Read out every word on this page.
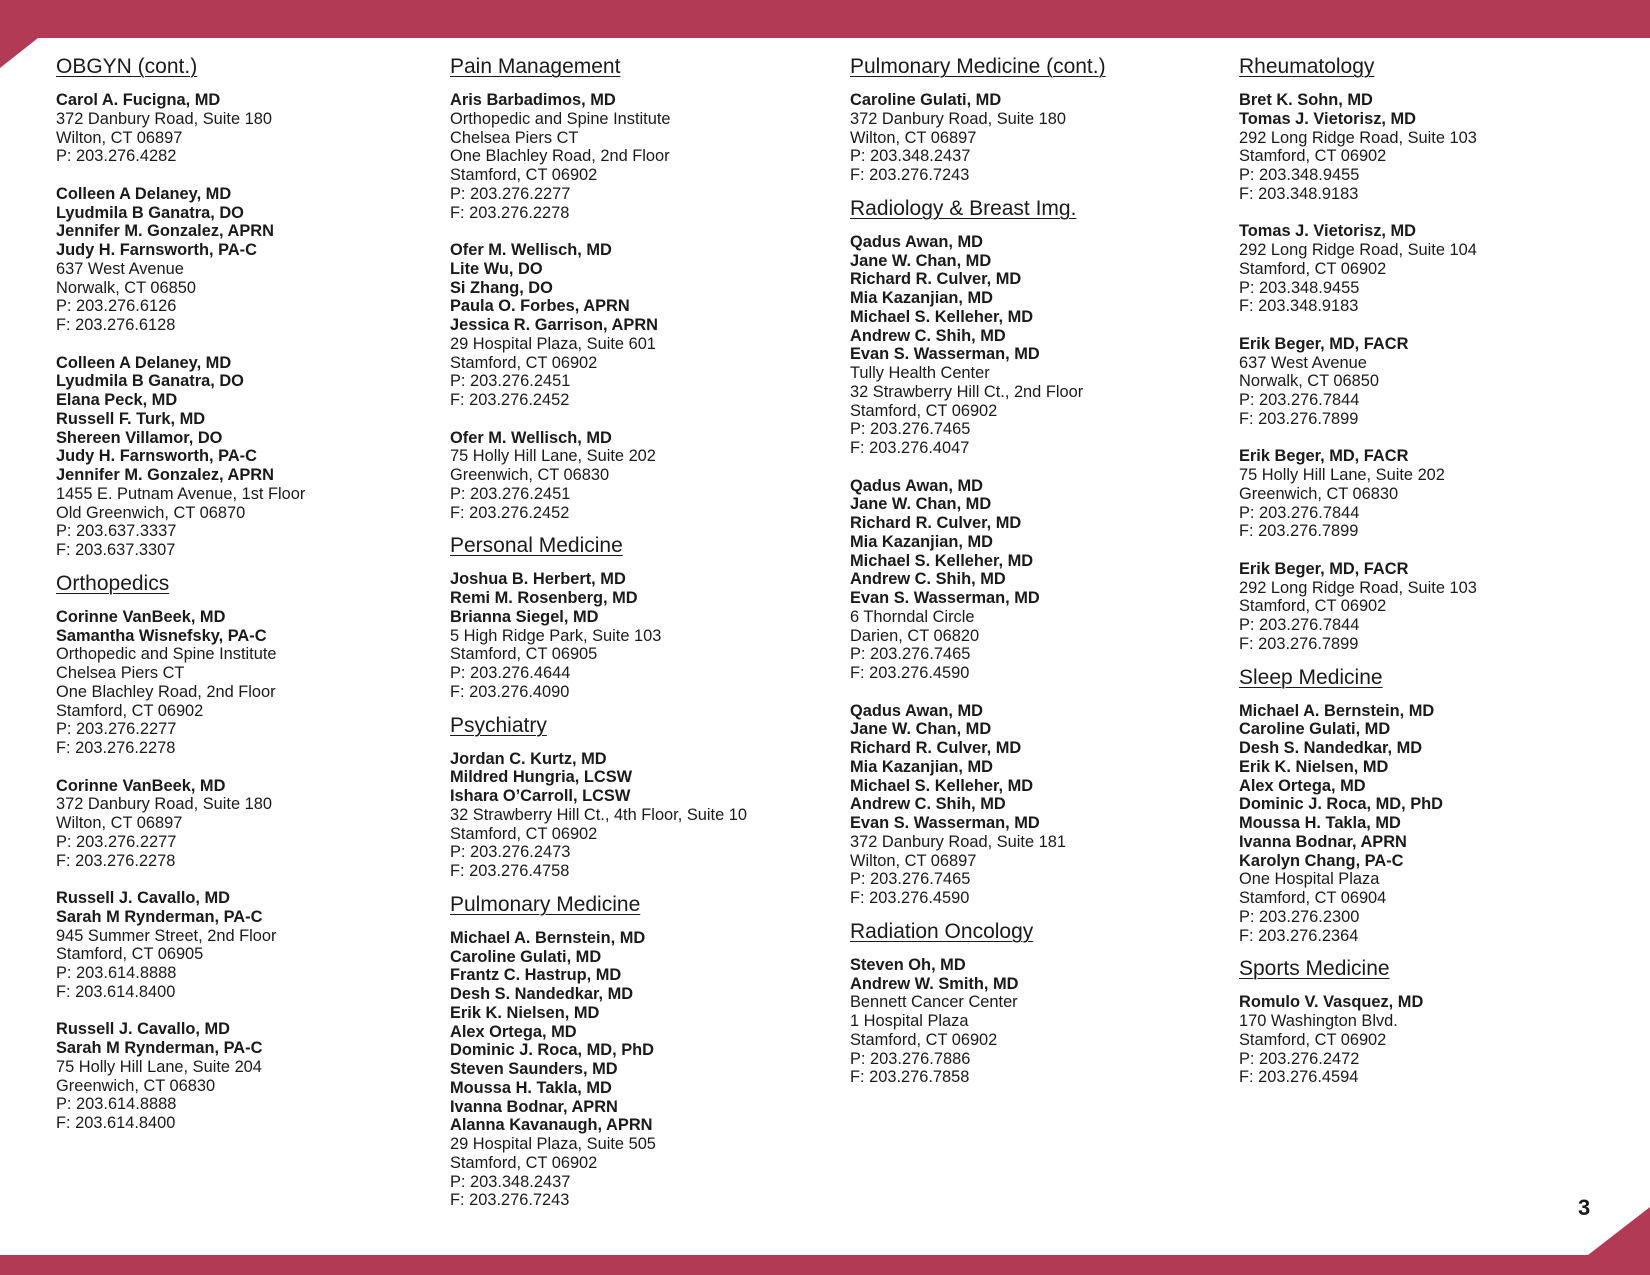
OBGYN (cont.)
Carol A. Fucigna, MD
372 Danbury Road, Suite 180
Wilton, CT 06897
P: 203.276.4282
Colleen A Delaney, MD
Lyudmila B Ganatra, DO
Jennifer M. Gonzalez, APRN
Judy H. Farnsworth, PA-C
637 West Avenue
Norwalk, CT 06850
P: 203.276.6126
F: 203.276.6128
Colleen A Delaney, MD
Lyudmila B Ganatra, DO
Elana Peck, MD
Russell F. Turk, MD
Shereen Villamor, DO
Judy H. Farnsworth, PA-C
Jennifer M. Gonzalez, APRN
1455 E. Putnam Avenue, 1st Floor
Old Greenwich, CT 06870
P: 203.637.3337
F: 203.637.3307
Orthopedics
Corinne VanBeek, MD
Samantha Wisnefsky, PA-C
Orthopedic and Spine Institute
Chelsea Piers CT
One Blachley Road, 2nd Floor
Stamford, CT 06902
P: 203.276.2277
F: 203.276.2278
Corinne VanBeek, MD
372 Danbury Road, Suite 180
Wilton, CT 06897
P: 203.276.2277
F: 203.276.2278
Russell J. Cavallo, MD
Sarah M Rynderman, PA-C
945 Summer Street, 2nd Floor
Stamford, CT 06905
P: 203.614.8888
F: 203.614.8400
Russell J. Cavallo, MD
Sarah M Rynderman, PA-C
75 Holly Hill Lane, Suite 204
Greenwich, CT 06830
P: 203.614.8888
F: 203.614.8400
Pain Management
Aris Barbadimos, MD
Orthopedic and Spine Institute
Chelsea Piers CT
One Blachley Road, 2nd Floor
Stamford, CT 06902
P: 203.276.2277
F: 203.276.2278
Ofer M. Wellisch, MD
Lite Wu, DO
Si Zhang, DO
Paula O. Forbes, APRN
Jessica R. Garrison, APRN
29 Hospital Plaza, Suite 601
Stamford, CT 06902
P: 203.276.2451
F: 203.276.2452
Ofer M. Wellisch, MD
75 Holly Hill Lane, Suite 202
Greenwich, CT 06830
P: 203.276.2451
F: 203.276.2452
Personal Medicine
Joshua B. Herbert, MD
Remi M. Rosenberg, MD
Brianna Siegel, MD
5 High Ridge Park, Suite 103
Stamford, CT 06905
P: 203.276.4644
F: 203.276.4090
Psychiatry
Jordan C. Kurtz, MD
Mildred Hungria, LCSW
Ishara O’Carroll, LCSW
32 Strawberry Hill Ct., 4th Floor, Suite 10
Stamford, CT 06902
P: 203.276.2473
F: 203.276.4758
Pulmonary Medicine
Michael A. Bernstein, MD
Caroline Gulati, MD
Frantz C. Hastrup, MD
Desh S. Nandedkar, MD
Erik K. Nielsen, MD
Alex Ortega, MD
Dominic J. Roca, MD, PhD
Steven Saunders, MD
Moussa H. Takla, MD
Ivanna Bodnar, APRN
Alanna Kavanaugh, APRN
29 Hospital Plaza, Suite 505
Stamford, CT 06902
P: 203.348.2437
F: 203.276.7243
Pulmonary Medicine (cont.)
Caroline Gulati, MD
372 Danbury Road, Suite 180
Wilton, CT 06897
P: 203.348.2437
F: 203.276.7243
Radiology & Breast Img.
Qadus Awan, MD
Jane W. Chan, MD
Richard R. Culver, MD
Mia Kazanjian, MD
Michael S. Kelleher, MD
Andrew C. Shih, MD
Evan S. Wasserman, MD
Tully Health Center
32 Strawberry Hill Ct., 2nd Floor
Stamford, CT 06902
P: 203.276.7465
F: 203.276.4047
Qadus Awan, MD
Jane W. Chan, MD
Richard R. Culver, MD
Mia Kazanjian, MD
Michael S. Kelleher, MD
Andrew C. Shih, MD
Evan S. Wasserman, MD
6 Thorndal Circle
Darien, CT 06820
P: 203.276.7465
F: 203.276.4590
Qadus Awan, MD
Jane W. Chan, MD
Richard R. Culver, MD
Mia Kazanjian, MD
Michael S. Kelleher, MD
Andrew C. Shih, MD
Evan S. Wasserman, MD
372 Danbury Road, Suite 181
Wilton, CT 06897
P: 203.276.7465
F: 203.276.4590
Radiation Oncology
Steven Oh, MD
Andrew W. Smith, MD
Bennett Cancer Center
1 Hospital Plaza
Stamford, CT 06902
P: 203.276.7886
F: 203.276.7858
Rheumatology
Bret K. Sohn, MD
Tomas J. Vietorisz, MD
292 Long Ridge Road, Suite 103
Stamford, CT 06902
P: 203.348.9455
F: 203.348.9183
Tomas J. Vietorisz, MD
292 Long Ridge Road, Suite 104
Stamford, CT 06902
P: 203.348.9455
F: 203.348.9183
Erik Beger, MD, FACR
637 West Avenue
Norwalk, CT 06850
P: 203.276.7844
F: 203.276.7899
Erik Beger, MD, FACR
75 Holly Hill Lane, Suite 202
Greenwich, CT 06830
P: 203.276.7844
F: 203.276.7899
Erik Beger, MD, FACR
292 Long Ridge Road, Suite 103
Stamford, CT 06902
P: 203.276.7844
F: 203.276.7899
Sleep Medicine
Michael A. Bernstein, MD
Caroline Gulati, MD
Desh S. Nandedkar, MD
Erik K. Nielsen, MD
Alex Ortega, MD
Dominic J. Roca, MD, PhD
Moussa H. Takla, MD
Ivanna Bodnar, APRN
Karolyn Chang, PA-C
One Hospital Plaza
Stamford, CT 06904
P: 203.276.2300
F: 203.276.2364
Sports Medicine
Romulo V. Vasquez, MD
170 Washington Blvd.
Stamford, CT 06902
P: 203.276.2472
F: 203.276.4594
3
